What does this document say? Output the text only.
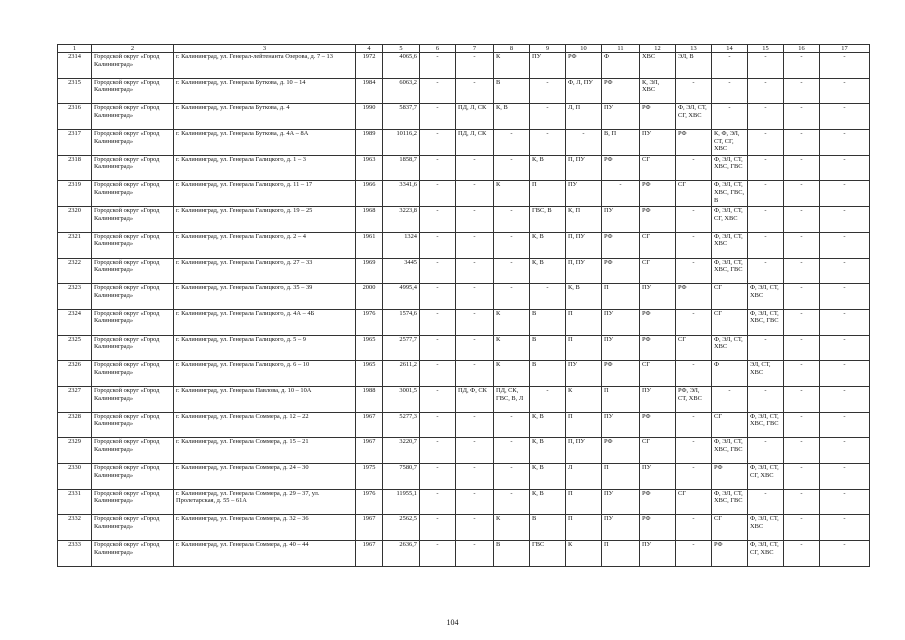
1	2	3	4	5	6	7	8	9	10	11	12	13	14	15	16	17
2314	Городской округ «Город Калининград»	г. Калининград, ул. Генерал-лейтенанта Озерова, д. 7 – 13	1972	4065,6	-	-	К	ПУ	РФ	Ф	ХВС	ЭЛ, В	-	-	-	-
2315	Городской округ «Город Калининград»	г. Калининград, ул. Генерала Буткова, д. 10 – 14	1984	6063,2	-	-	В	-	Ф, Л, ПУ	РФ	К, ЭЛ, ХВС	-	-	-	-	-
2316	Городской округ «Город Калининград»	г. Калининград, ул. Генерала Буткова, д. 4	1990	5837,7	-	ПД, Л, СК	К, В	-	Л, П	ПУ	РФ	Ф, ЭЛ, СТ, СГ, ХВС	-	-	-	-
2317	Городской округ «Город Калининград»	г. Калининград, ул. Генерала Буткова, д. 4А – 8А	1989	10116,2	-	ПД, Л, СК	-	-	-	В, П	ПУ	РФ	К, Ф, ЭЛ, СТ, СГ, ХВС	-	-	-
2318	Городской округ «Город Калининград»	г. Калининград, ул. Генерала Галицкого, д. 1 – 3	1963	1858,7	-	-	-	К, В	П, ПУ	РФ	СГ	-	Ф, ЭЛ, СТ, ХВС, ГВС	-	-	-
2319	Городской округ «Город Калининград»	г. Калининград, ул. Генерала Галицкого, д. 11 – 17	1966	3341,6	-	-	К	П	ПУ	-	РФ	СГ	Ф, ЭЛ, СТ, ХВС, ГВС, В	-	-	-
2320	Городской округ «Город Калининград»	г. Калининград, ул. Генерала Галицкого, д. 19 – 25	1968	3223,8	-	-	-	ГВС, В	К, П	ПУ	РФ	-	Ф, ЭЛ, СТ, СГ, ХВС	-	-	-
2321	Городской округ «Город Калининград»	г. Калининград, ул. Генерала Галицкого, д. 2 – 4	1961	1324	-	-	-	К, В	П, ПУ	РФ	СГ	-	Ф, ЭЛ, СТ, ХВС	-	-	-
2322	Городской округ «Город Калининград»	г. Калининград, ул. Генерала Галицкого, д. 27 – 33	1969	3445	-	-	-	К, В	П, ПУ	РФ	СГ	-	Ф, ЭЛ, СТ, ХВС, ГВС	-	-	-
2323	Городской округ «Город Калининград»	г. Калининград, ул. Генерала Галицкого, д. 35 – 39	2000	4995,4	-	-	-	-	К, В	П	ПУ	РФ	СГ	Ф, ЭЛ, СТ, ХВС	-	-
2324	Городской округ «Город Калининград»	г. Калининград, ул. Генерала Галицкого, д. 4А – 4Б	1976	1574,6	-	-	К	В	П	ПУ	РФ	-	СГ	Ф, ЭЛ, СТ, ХВС, ГВС	-	-
2325	Городской округ «Город Калининград»	г. Калининград, ул. Генерала Галицкого, д. 5 – 9	1965	2577,7	-	-	К	В	П	ПУ	РФ	СГ	Ф, ЭЛ, СТ, ХВС	-	-	-
2326	Городской округ «Город Калининград»	г. Калининград, ул. Генерала Галицкого, д. 6 – 10	1965	2611,2	-	-	К	В	ПУ	РФ	СГ	-	Ф	ЭЛ, СТ, ХВС	-	-
2327	Городской округ «Город Калининград»	г. Калининград, ул. Генерала Павлова, д. 10 – 10А	1988	3001,5	-	ПД, Ф, СК	ПД, СК, ГВС, В, Л	-	К	П	ПУ	РФ, ЭЛ, СТ, ХВС	-	-	-	-
2328	Городской округ «Город Калининград»	г. Калининград, ул. Генерала Соммера, д. 12 – 22	1967	5277,3	-	-	-	К, В	П	ПУ	РФ	-	СГ	Ф, ЭЛ, СТ, ХВС, ГВС	-	-
2329	Городской округ «Город Калининград»	г. Калининград, ул. Генерала Соммера, д. 15 – 21	1967	3220,7	-	-	-	К, В	П, ПУ	РФ	СГ	-	Ф, ЭЛ, СТ, ХВС, ГВС	-	-	-
2330	Городской округ «Город Калининград»	г. Калининград, ул. Генерала Соммера, д. 24 – 30	1975	7580,7	-	-	-	К, В	Л	П	ПУ	-	РФ	Ф, ЭЛ, СТ, СГ, ХВС	-	-
2331	Городской округ «Город Калининград»	г. Калининград, ул. Генерала Соммера, д. 29 – 37, ул. Пролетарская, д. 55 – 61А	1976	11955,1	-	-	-	К, В	П	ПУ	РФ	СГ	Ф, ЭЛ, СТ, ХВС, ГВС	-	-	-
2332	Городской округ «Город Калининград»	г. Калининград, ул. Генерала Соммера, д. 32 – 36	1967	2562,5	-	-	К	В	П	ПУ	РФ	-	СГ	Ф, ЭЛ, СТ, ХВС	-	-
2333	Городской округ «Город Калининград»	г. Калининград, ул. Генерала Соммера, д. 40 – 44	1967	2636,7	-	-	В	ГВС	К	П	ПУ	-	РФ	Ф, ЭЛ, СТ, СГ, ХВС	-	-
104
